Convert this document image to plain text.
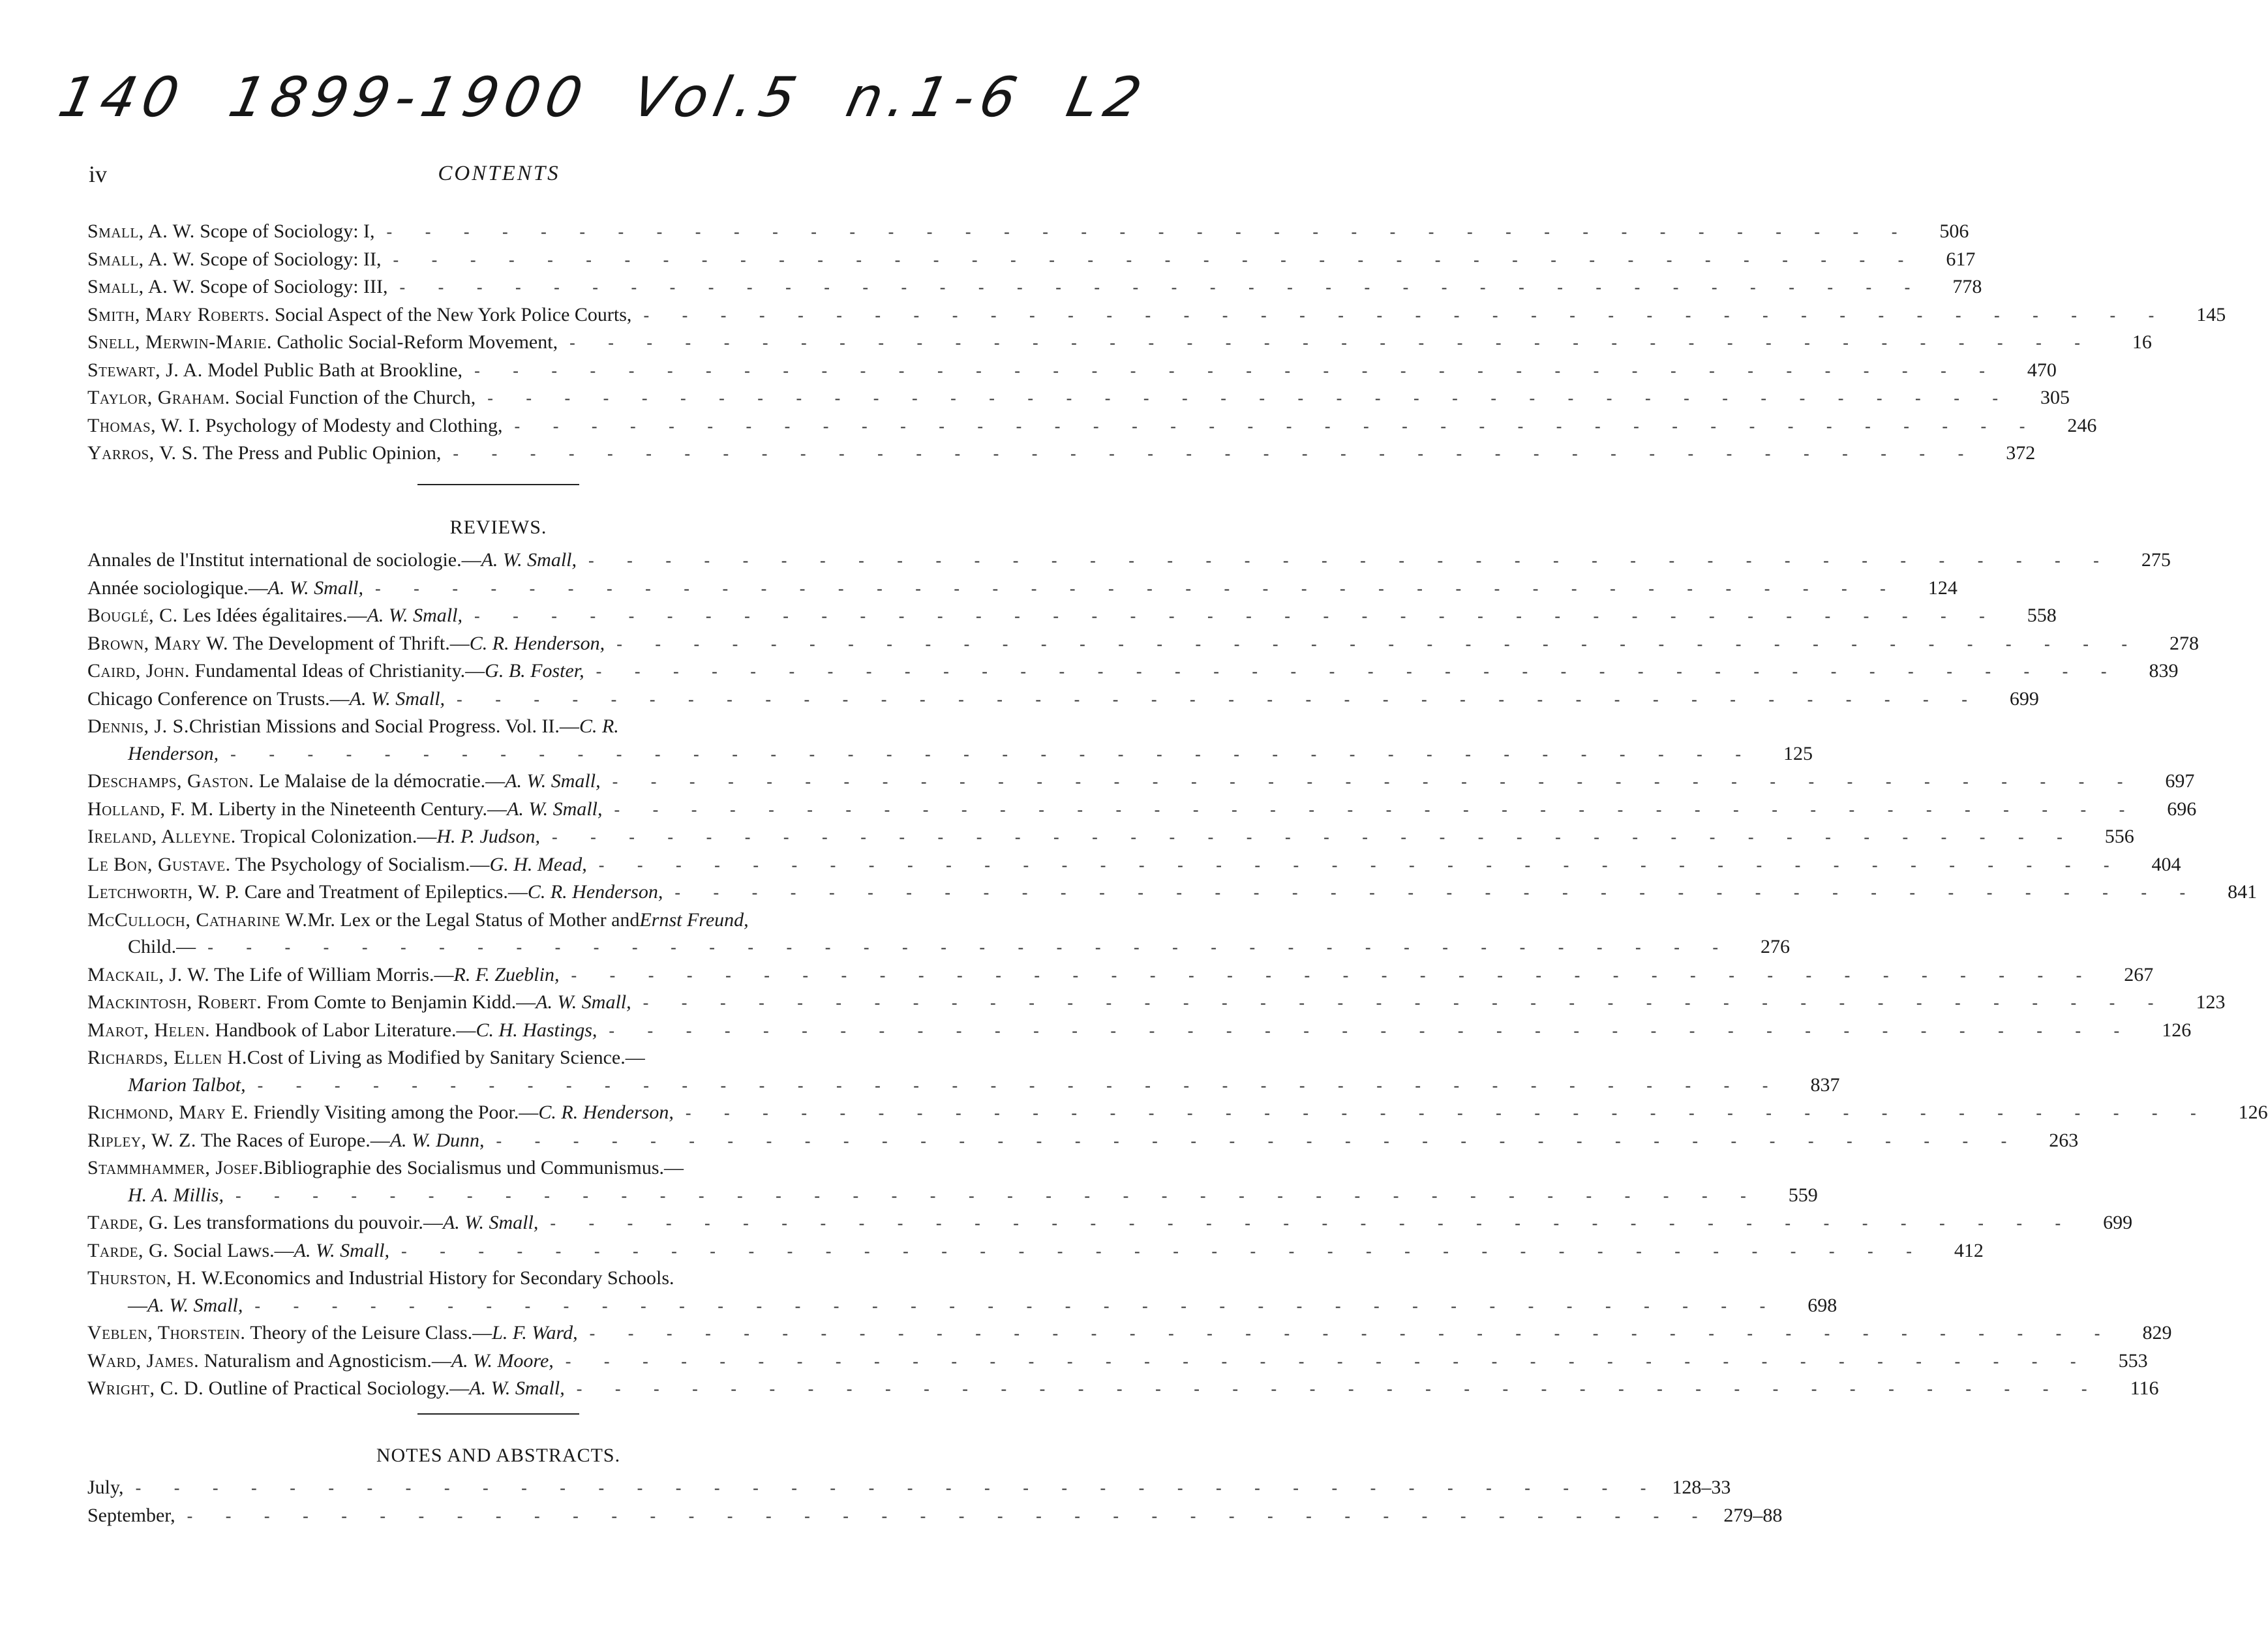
140 1899-1900 Vol.5 n.1-6 L2
iv	CONTENTS
Small, A. W. Scope of Sociology: I, - - - - - - - - - - - - - - - - - - - - - - - - - - - - - - - - - - - - - - - -	506
Small, A. W. Scope of Sociology: II, - - - - - - - - - - - - - - - - - - - - - - - - - - - - - - - - - - - - - - - -	617
Small, A. W. Scope of Sociology: III, - - - - - - - - - - - - - - - - - - - - - - - - - - - - - - - - - - - - - - - -	778
Smith, Mary Roberts. Social Aspect of the New York Police Courts, - - - - - - - - - - - - - - - - - - - - - - - - - - - - - - - - - - - - - - - -	145
Snell, Merwin-Marie. Catholic Social-Reform Movement, - - - - - - - - - - - - - - - - - - - - - - - - - - - - - - - - - - - - - - - -	16
Stewart, J. A. Model Public Bath at Brookline, - - - - - - - - - - - - - - - - - - - - - - - - - - - - - - - - - - - - - - - -	470
Taylor, Graham. Social Function of the Church, - - - - - - - - - - - - - - - - - - - - - - - - - - - - - - - - - - - - - - - -	305
Thomas, W. I. Psychology of Modesty and Clothing, - - - - - - - - - - - - - - - - - - - - - - - - - - - - - - - - - - - - - - - -	246
Yarros, V. S. The Press and Public Opinion, - - - - - - - - - - - - - - - - - - - - - - - - - - - - - - - - - - - - - - - -	372
REVIEWS.
Annales de l'Institut international de sociologie.—A. W. Small, - - - - - - - - - - - - - - - - - - - - - - - - - - - - - - - - - - - - - - - -	275
Année sociologique.—A. W. Small, - - - - - - - - - - - - - - - - - - - - - - - - - - - - - - - - - - - - - - - -	124
Bouglé, C. Les Idées égalitaires.—A. W. Small, - - - - - - - - - - - - - - - - - - - - - - - - - - - - - - - - - - - - - - - -	558
Brown, Mary W. The Development of Thrift.—C. R. Henderson, - - - - - - - - - - - - - - - - - - - - - - - - - - - - - - - - - - - - - - - -	278
Caird, John. Fundamental Ideas of Christianity.—G. B. Foster, - - - - - - - - - - - - - - - - - - - - - - - - - - - - - - - - - - - - - - - -	839
Chicago Conference on Trusts.—A. W. Small, - - - - - - - - - - - - - - - - - - - - - - - - - - - - - - - - - - - - - - - -	699
Dennis, J. S. Christian Missions and Social Progress. Vol. II.— C. R.
Henderson, - - - - - - - - - - - - - - - - - - - - - - - - - - - - - - - - - - - - - - - -	125
Deschamps, Gaston. Le Malaise de la démocratie.—A. W. Small, - - - - - - - - - - - - - - - - - - - - - - - - - - - - - - - - - - - - - - - -	697
Holland, F. M. Liberty in the Nineteenth Century.—A. W. Small, - - - - - - - - - - - - - - - - - - - - - - - - - - - - - - - - - - - - - - - -	696
Ireland, Alleyne. Tropical Colonization.—H. P. Judson, - - - - - - - - - - - - - - - - - - - - - - - - - - - - - - - - - - - - - - - -	556
Le Bon, Gustave. The Psychology of Socialism.—G. H. Mead, - - - - - - - - - - - - - - - - - - - - - - - - - - - - - - - - - - - - - - - -	404
Letchworth, W. P. Care and Treatment of Epileptics.—C. R. Henderson, - - - - - - - - - - - - - - - - - - - - - - - - - - - - - - - - - - - - - - - -	841
McCulloch, Catharine W. Mr. Lex or the Legal Status of Mother and Ernst Freund,
Child.— - - - - - - - - - - - - - - - - - - - - - - - - - - - - - - - - - - - - - - - -	276
Mackail, J. W. The Life of William Morris.—R. F. Zueblin, - - - - - - - - - - - - - - - - - - - - - - - - - - - - - - - - - - - - - - - -	267
Mackintosh, Robert. From Comte to Benjamin Kidd.—A. W. Small, - - - - - - - - - - - - - - - - - - - - - - - - - - - - - - - - - - - - - - - -	123
Marot, Helen. Handbook of Labor Literature.—C. H. Hastings, - - - - - - - - - - - - - - - - - - - - - - - - - - - - - - - - - - - - - - - -	126
Richards, Ellen H. Cost of Living as Modified by Sanitary Science.—
Marion Talbot, - - - - - - - - - - - - - - - - - - - - - - - - - - - - - - - - - - - - - - - -	837
Richmond, Mary E. Friendly Visiting among the Poor.—C. R. Henderson, - - - - - - - - - - - - - - - - - - - - - - - - - - - - - - - - - - - - - - - -	126
Ripley, W. Z. The Races of Europe.—A. W. Dunn, - - - - - - - - - - - - - - - - - - - - - - - - - - - - - - - - - - - - - - - -	263
Stammhammer, Josef. Bibliographie des Socialismus und Communismus.—
H. A. Millis, - - - - - - - - - - - - - - - - - - - - - - - - - - - - - - - - - - - - - - - -	559
Tarde, G. Les transformations du pouvoir.—A. W. Small, - - - - - - - - - - - - - - - - - - - - - - - - - - - - - - - - - - - - - - - -	699
Tarde, G. Social Laws.—A. W. Small, - - - - - - - - - - - - - - - - - - - - - - - - - - - - - - - - - - - - - - - -	412
Thurston, H. W. Economics and Industrial History for Secondary Schools.
—A. W. Small, - - - - - - - - - - - - - - - - - - - - - - - - - - - - - - - - - - - - - - - -	698
Veblen, Thorstein. Theory of the Leisure Class.—L. F. Ward, - - - - - - - - - - - - - - - - - - - - - - - - - - - - - - - - - - - - - - - -	829
Ward, James. Naturalism and Agnosticism.—A. W. Moore, - - - - - - - - - - - - - - - - - - - - - - - - - - - - - - - - - - - - - - - -	553
Wright, C. D. Outline of Practical Sociology.—A. W. Small, - - - - - - - - - - - - - - - - - - - - - - - - - - - - - - - - - - - - - - - -	116
NOTES AND ABSTRACTS.
July, - - - - - - - - - - - - - - - - - - - - - - - - - - - - - - - - - - - - - - - - 128–33
September, - - - - - - - - - - - - - - - - - - - - - - - - - - - - - - - - - - - - - - - - 279–88
